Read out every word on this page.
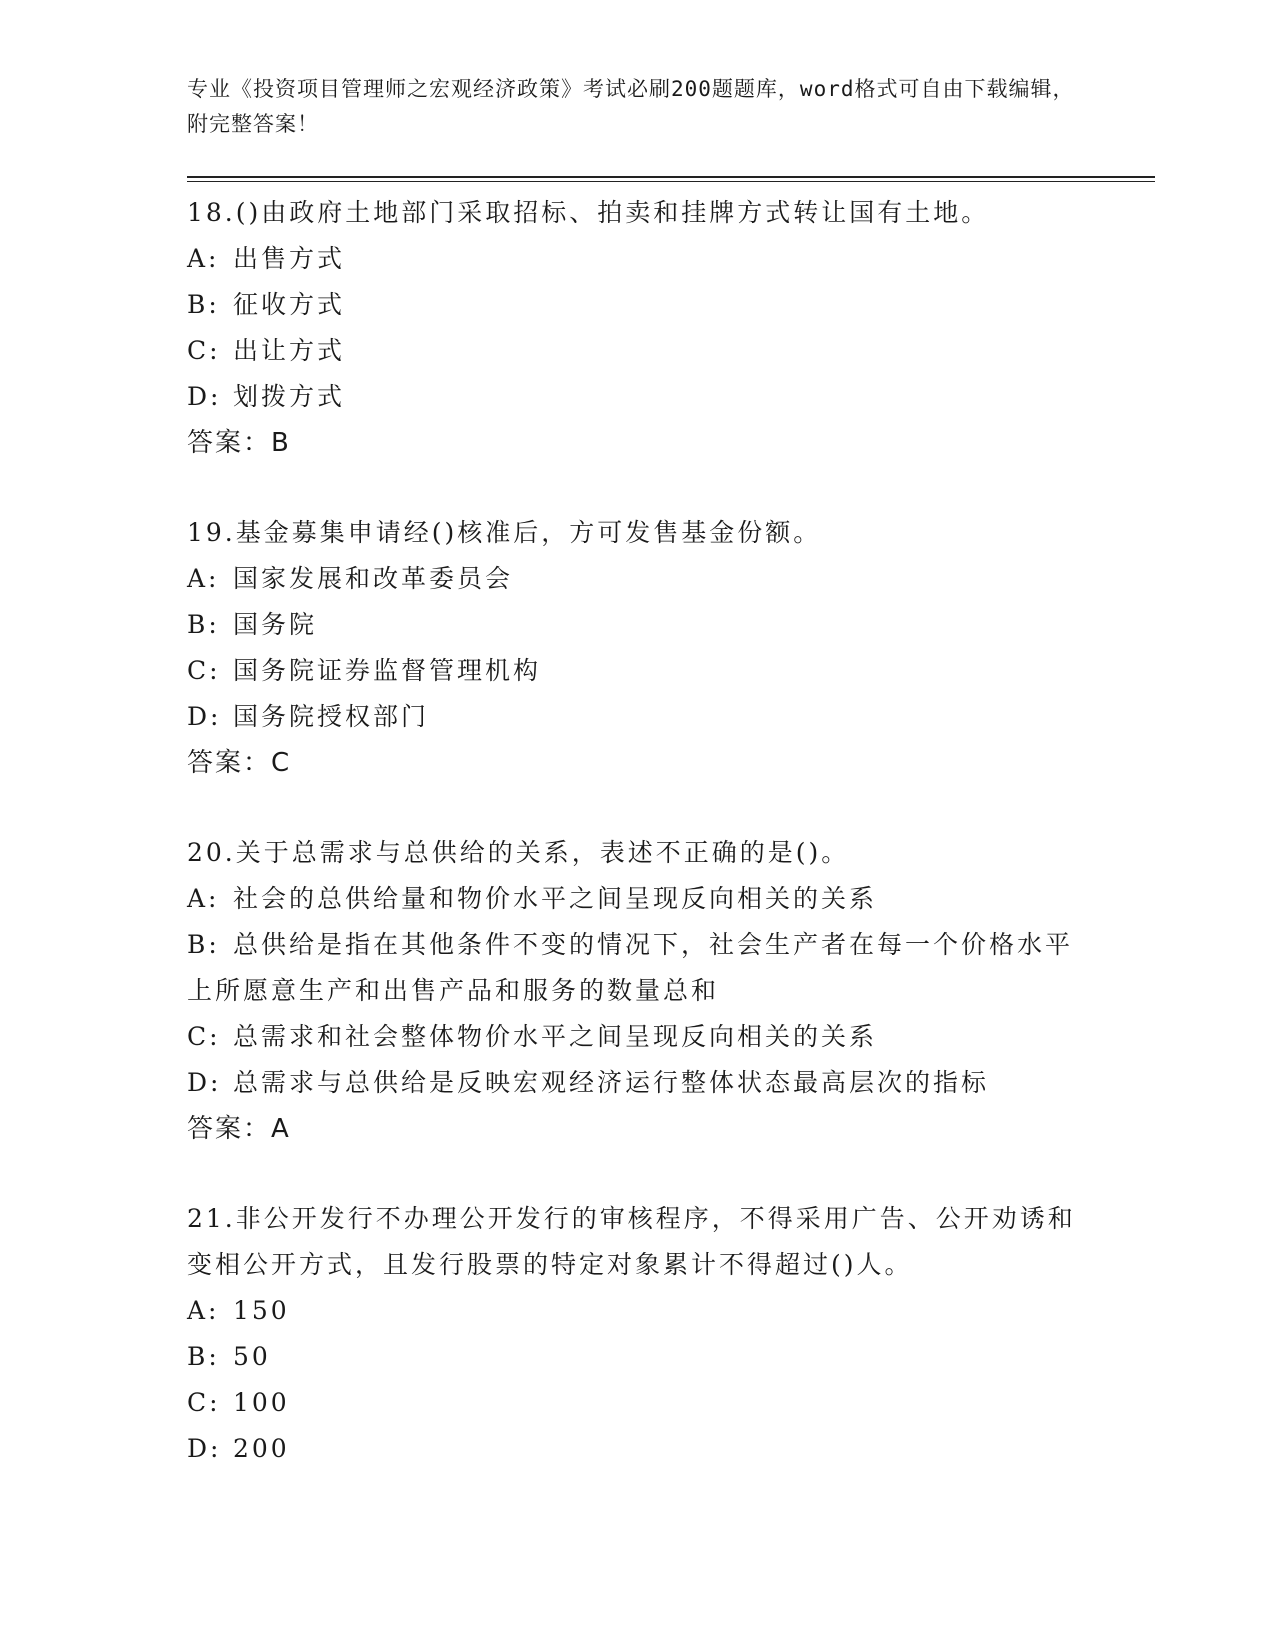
专业《投资项目管理师之宏观经济政策》考试必刷200题题库，word格式可自由下载编辑，附完整答案！

18.()由政府土地部门采取招标、拍卖和挂牌方式转让国有土地。

A: 出售方式

B: 征收方式

C: 出让方式

D: 划拨方式

答案：B

19.基金募集申请经()核准后，方可发售基金份额。

A: 国家发展和改革委员会

B: 国务院

C: 国务院证券监督管理机构

D: 国务院授权部门

答案：C

20.关于总需求与总供给的关系，表述不正确的是()。

A: 社会的总供给量和物价水平之间呈现反向相关的关系

B: 总供给是指在其他条件不变的情况下，社会生产者在每一个价格水平上所愿意生产和出售产品和服务的数量总和

C: 总需求和社会整体物价水平之间呈现反向相关的关系

D: 总需求与总供给是反映宏观经济运行整体状态最高层次的指标

答案：A

21.非公开发行不办理公开发行的审核程序，不得采用广告、公开劝诱和变相公开方式，且发行股票的特定对象累计不得超过()人。

A: 150

B: 50

C: 100

D: 200
